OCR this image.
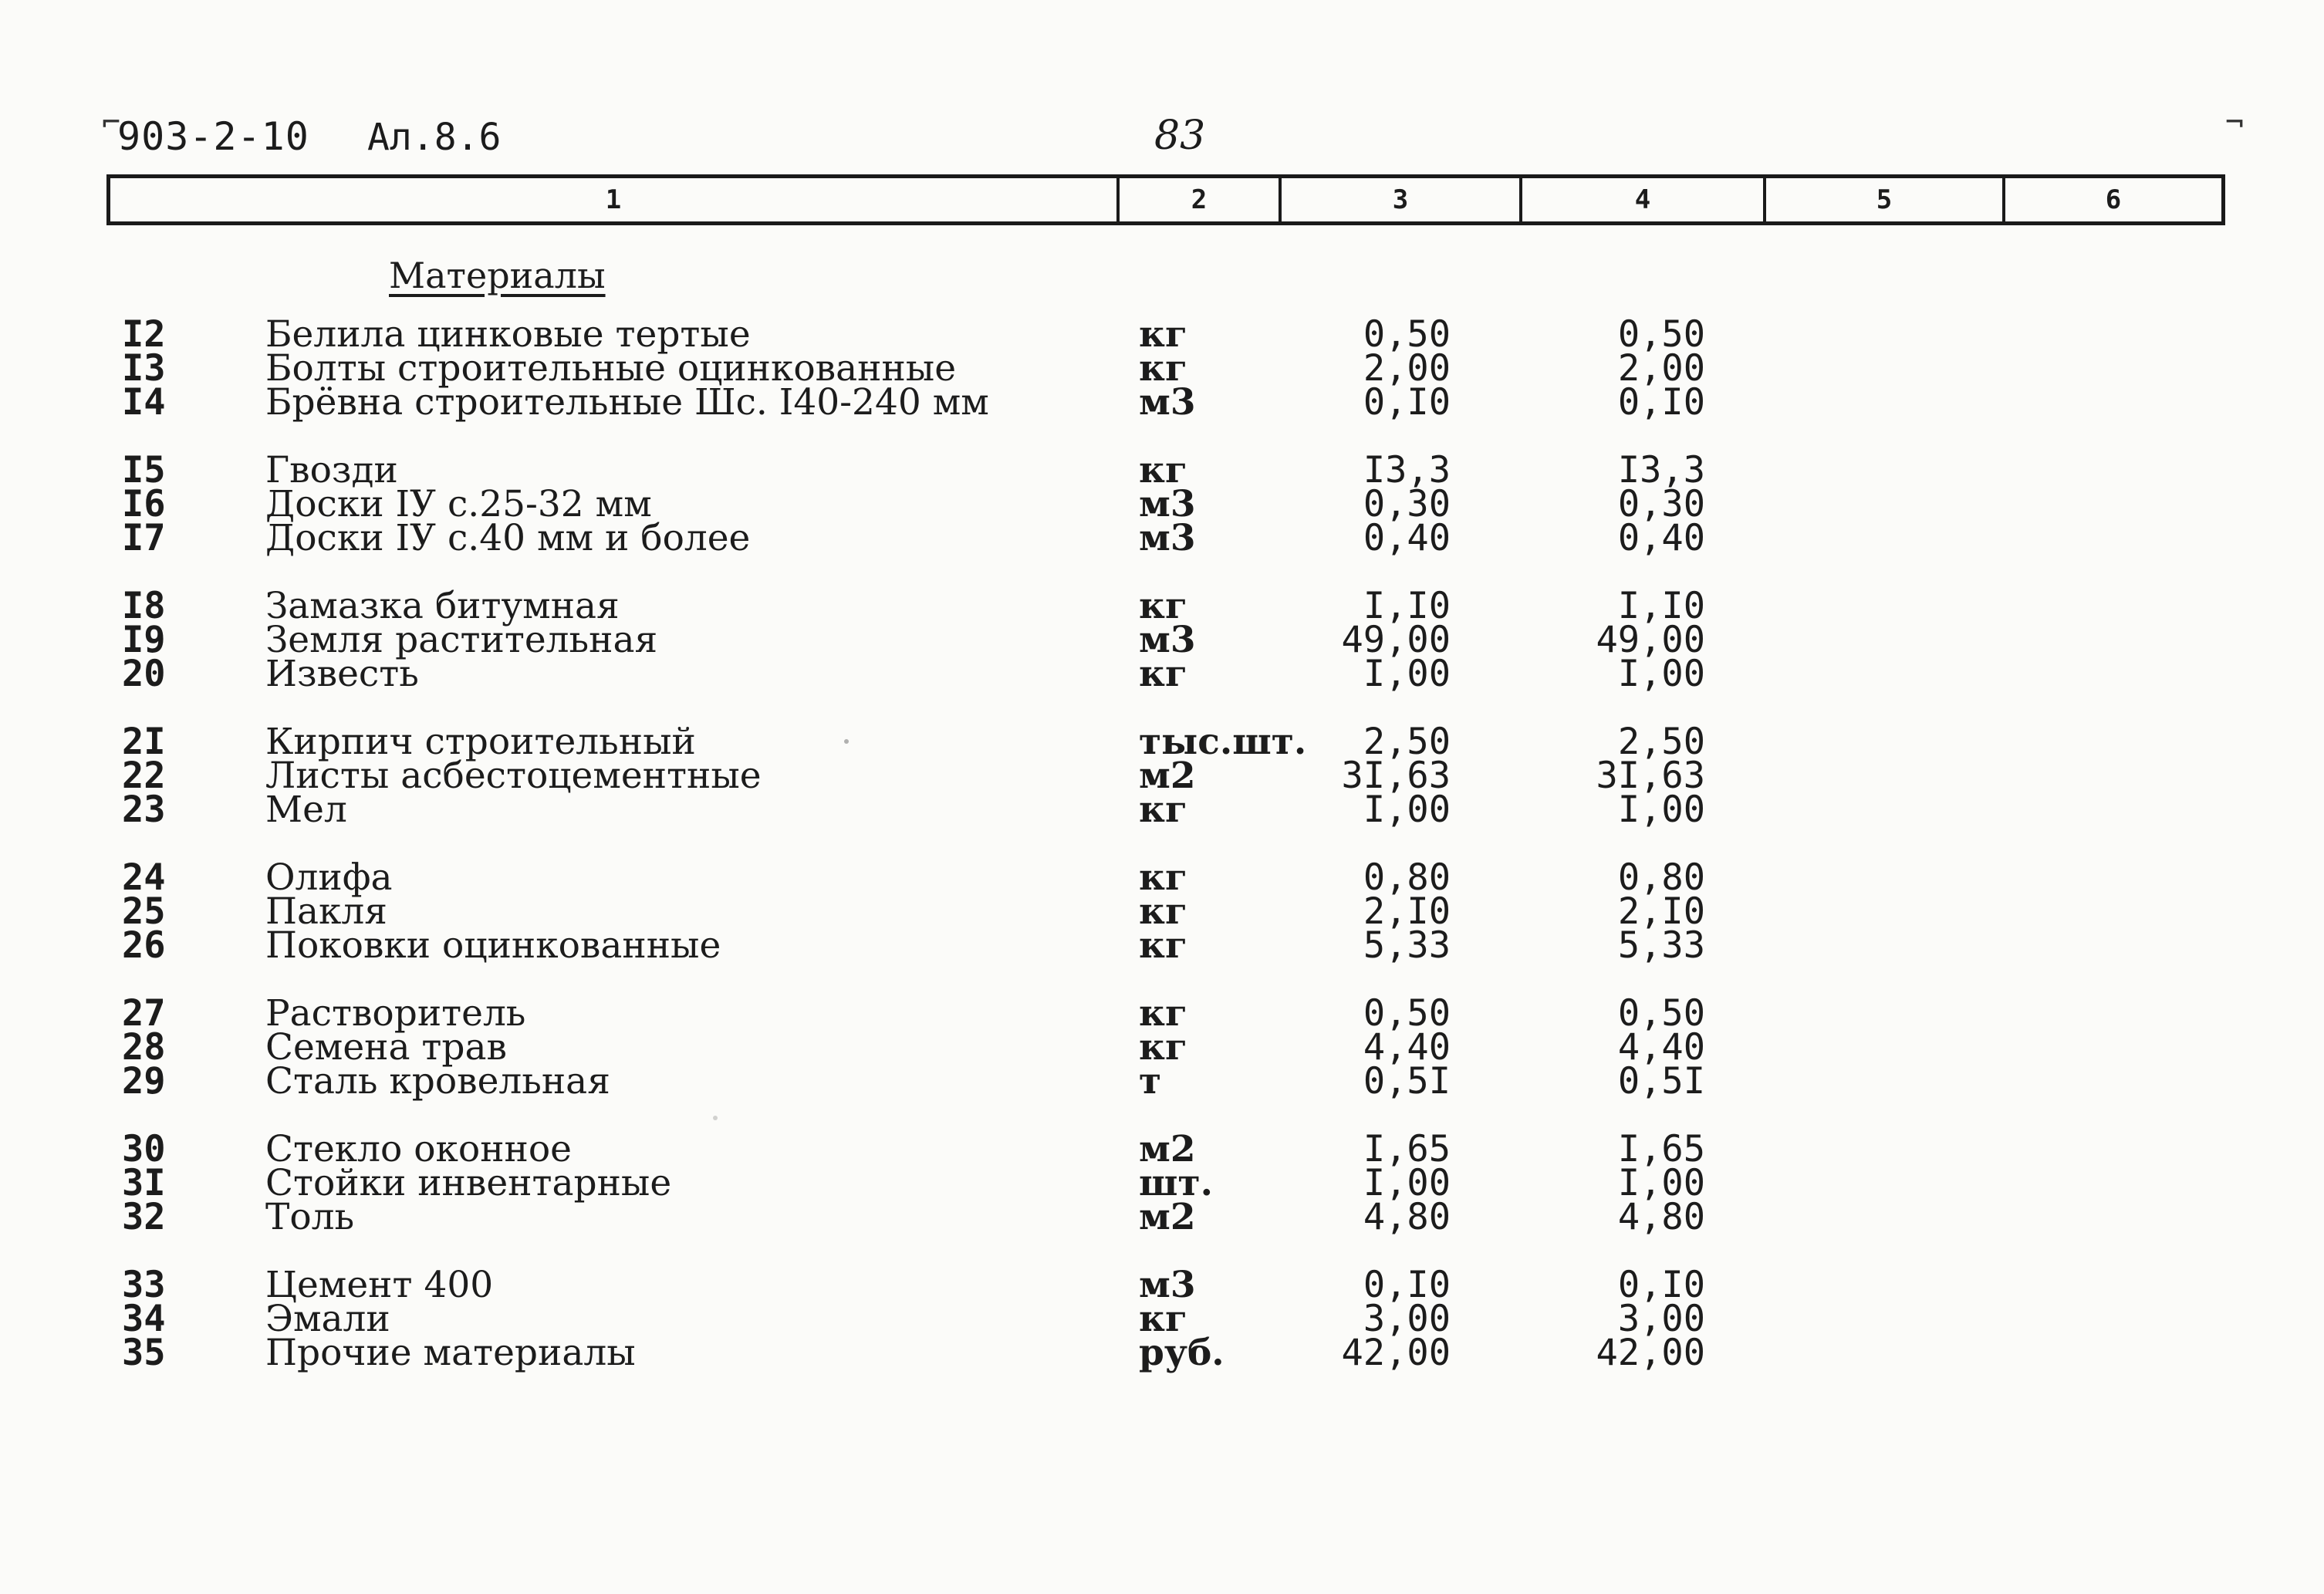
⌐	¬
903-2-10 Ал.8.6	83
1	2	3	4	5	6
Материалы
I2	Белила цинковые тертые	кг	0,50	0,50
I3	Болты строительные оцинкованные	кг	2,00	2,00
I4	Брёвна строительные Шс. I40-240 мм	м3	0,I0	0,I0
I5	Гвозди	кг	I3,3	I3,3
I6	Доски IУ с.25-32 мм	м3	0,30	0,30
I7	Доски IУ с.40 мм и более	м3	0,40	0,40
I8	Замазка битумная	кг	I,I0	I,I0
I9	Земля растительная	м3	49,00	49,00
20	Известь	кг	I,00	I,00
2I	Кирпич строительный	тыс.шт.	2,50	2,50
22	Листы асбестоцементные	м2	3I,63	3I,63
23	Мел	кг	I,00	I,00
24	Олифа	кг	0,80	0,80
25	Пакля	кг	2,I0	2,I0
26	Поковки оцинкованные	кг	5,33	5,33
27	Растворитель	кг	0,50	0,50
28	Семена трав	кг	4,40	4,40
29	Сталь кровельная	т	0,5I	0,5I
30	Стекло оконное	м2	I,65	I,65
3I	Стойки инвентарные	шт.	I,00	I,00
32	Толь	м2	4,80	4,80
33	Цемент 400	м3	0,I0	0,I0
34	Эмали	кг	3,00	3,00
35	Прочие материалы	руб.	42,00	42,00
